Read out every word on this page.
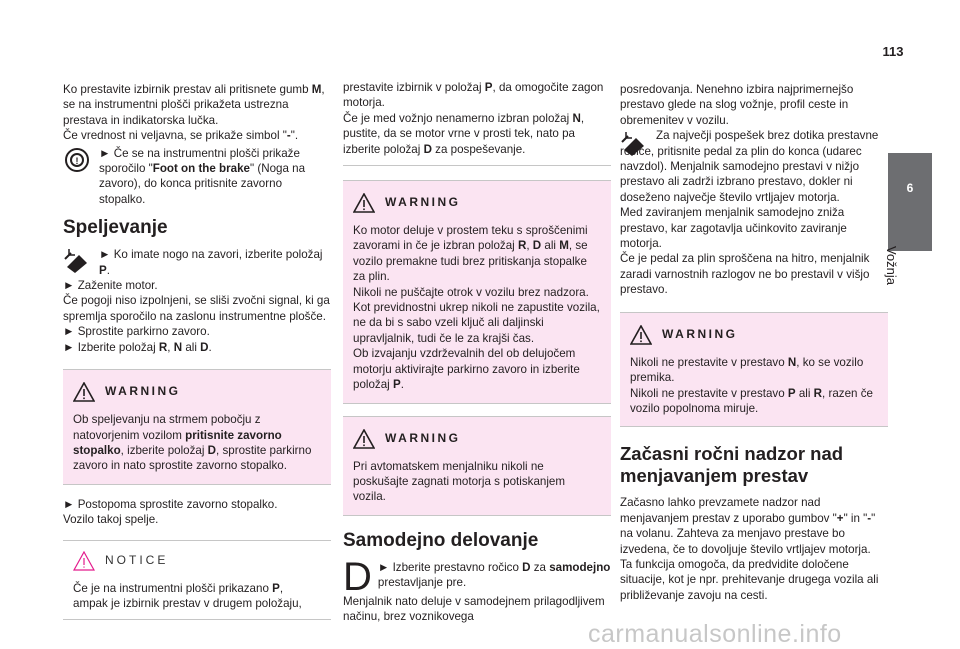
113
6
Vožnja

Ko prestavite izbirnik prestav ali pritisnete gumb M, se na instrumentni plošči prikažeta ustrezna prestava in indikatorska lučka.
Če vrednost ni veljavna, se prikaže simbol "-".

!

► Če se na instrumentni plošči prikaže sporočilo "Foot on the brake" (Noga na zavoro), do konca pritisnite zavorno stopalko.

Speljevanje

► Ko imate nogo na zavori, izberite položaj P.

► Zaženite motor.

Če pogoji niso izpolnjeni, se sliši zvočni signal, ki ga spremlja sporočilo na zaslonu instrumentne plošče.

► Sprostite parkirno zavoro.

► Izberite položaj R, N ali D.

WARNING

Ob speljevanju na strmem pobočju z natovorjenim vozilom pritisnite zavorno stopalko, izberite položaj D, sprostite parkirno zavoro in nato sprostite zavorno stopalko.

► Postopoma sprostite zavorno stopalko.

Vozilo takoj spelje.

NOTICE

Če je na instrumentni plošči prikazano P, ampak je izbirnik prestav v drugem položaju,

prestavite izbirnik v položaj P, da omogočite zagon motorja.
Če je med vožnjo nenamerno izbran položaj N, pustite, da se motor vrne v prosti tek, nato pa izberite položaj D za pospeševanje.

WARNING

Ko motor deluje v prostem teku s sproščenimi zavorami in če je izbran položaj R, D ali M, se vozilo premakne tudi brez pritiskanja stopalke za plin.
Nikoli ne puščajte otrok v vozilu brez nadzora.
Kot previdnostni ukrep nikoli ne zapustite vozila, ne da bi s sabo vzeli ključ ali daljinski upravljalnik, tudi če le za krajši čas.
Ob izvajanju vzdrževalnih del ob delujočem motorju aktivirajte parkirno zavoro in izberite položaj P.

WARNING

Pri avtomatskem menjalniku nikoli ne poskušajte zagnati motorja s potiskanjem vozila.

Samodejno delovanje
D ► Izberite prestavno ročico D za samodejno prestavljanje pre.

Menjalnik nato deluje v samodejnem prilagodljivem načinu, brez voznikovega

posredovanja. Nenehno izbira najprimernejšo prestavo glede na slog vožnje, profil ceste in obremenitev v vozilu.

Za največji pospešek brez dotika prestavne ročice, pritisnite pedal za plin do konca (udarec navzdol). Menjalnik samodejno prestavi v nižjo prestavo ali zadrži izbrano prestavo, dokler ni doseženo največje število vrtljajev motorja.

Med zaviranjem menjalnik samodejno zniža prestavo, kar zagotavlja učinkovito zaviranje motorja.

Če je pedal za plin sproščena na hitro, menjalnik zaradi varnostnih razlogov ne bo prestavil v višjo prestavo.

WARNING

Nikoli ne prestavite v prestavo N, ko se vozilo premika.
Nikoli ne prestavite v prestavo P ali R, razen če vozilo popolnoma miruje.

Začasni ročni nadzor nad menjavanjem prestav

Začasno lahko prevzamete nadzor nad menjavanjem prestav z uporabo gumbov "+" in "-" na volanu. Zahteva za menjavo prestave bo izvedena, če to dovoljuje število vrtljajev motorja.
Ta funkcija omogoča, da predvidite določene situacije, kot je npr. prehitevanje drugega vozila ali približevanje zavoju na cesti.

carmanualsonline.info
